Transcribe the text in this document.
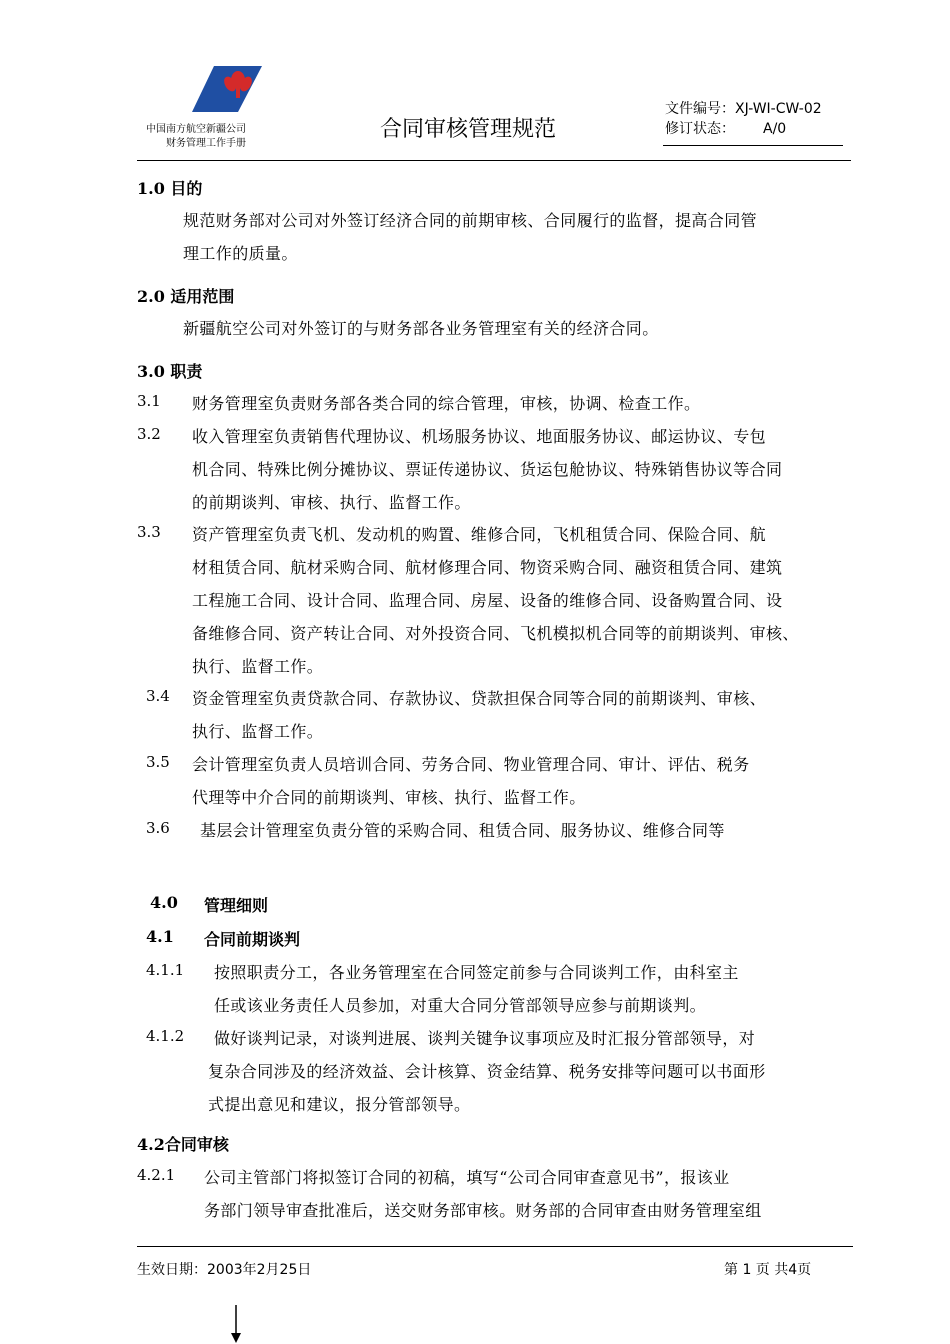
中国南方航空新疆公司
财务管理工作手册
合同审核管理规范
文件编号：XJ-WI-CW-02
修订状态： A/0
1.0 目的
规范财务部对公司对外签订经济合同的前期审核、合同履行的监督，提高合同管
理工作的质量。
2.0 适用范围
新疆航空公司对外签订的与财务部各业务管理室有关的经济合同。
3.0 职责
3.1 财务管理室负责财务部各类合同的综合管理，审核，协调、检查工作。
3.2 收入管理室负责销售代理协议、机场服务协议、地面服务协议、邮运协议、专包
机合同、特殊比例分摊协议、票证传递协议、货运包舱协议、特殊销售协议等合同
的前期谈判、审核、执行、监督工作。
3.3 资产管理室负责飞机、发动机的购置、维修合同，飞机租赁合同、保险合同、航
材租赁合同、航材采购合同、航材修理合同、物资采购合同、融资租赁合同、建筑
工程施工合同、设计合同、监理合同、房屋、设备的维修合同、设备购置合同、设
备维修合同、资产转让合同、对外投资合同、飞机模拟机合同等的前期谈判、审核、
执行、监督工作。
3.4 资金管理室负责贷款合同、存款协议、贷款担保合同等合同的前期谈判、审核、
执行、监督工作。
3.5 会计管理室负责人员培训合同、劳务合同、物业管理合同、审计、评估、税务
代理等中介合同的前期谈判、审核、执行、监督工作。
3.6 基层会计管理室负责分管的采购合同、租赁合同、服务协议、维修合同等
4.0 管理细则
4.1 合同前期谈判
4.1.1 按照职责分工，各业务管理室在合同签定前参与合同谈判工作，由科室主
任或该业务责任人员参加，对重大合同分管部领导应参与前期谈判。
4.1.2 做好谈判记录，对谈判进展、谈判关键争议事项应及时汇报分管部领导，对
复杂合同涉及的经济效益、会计核算、资金结算、税务安排等问题可以书面形
式提出意见和建议，报分管部领导。
4.2合同审核
4.2.1 公司主管部门将拟签订合同的初稿，填写“公司合同审查意见书”，报该业
务部门领导审查批准后，送交财务部审核。财务部的合同审查由财务管理室组
生效日期：2003年2月25日	第 1 页 共4页
